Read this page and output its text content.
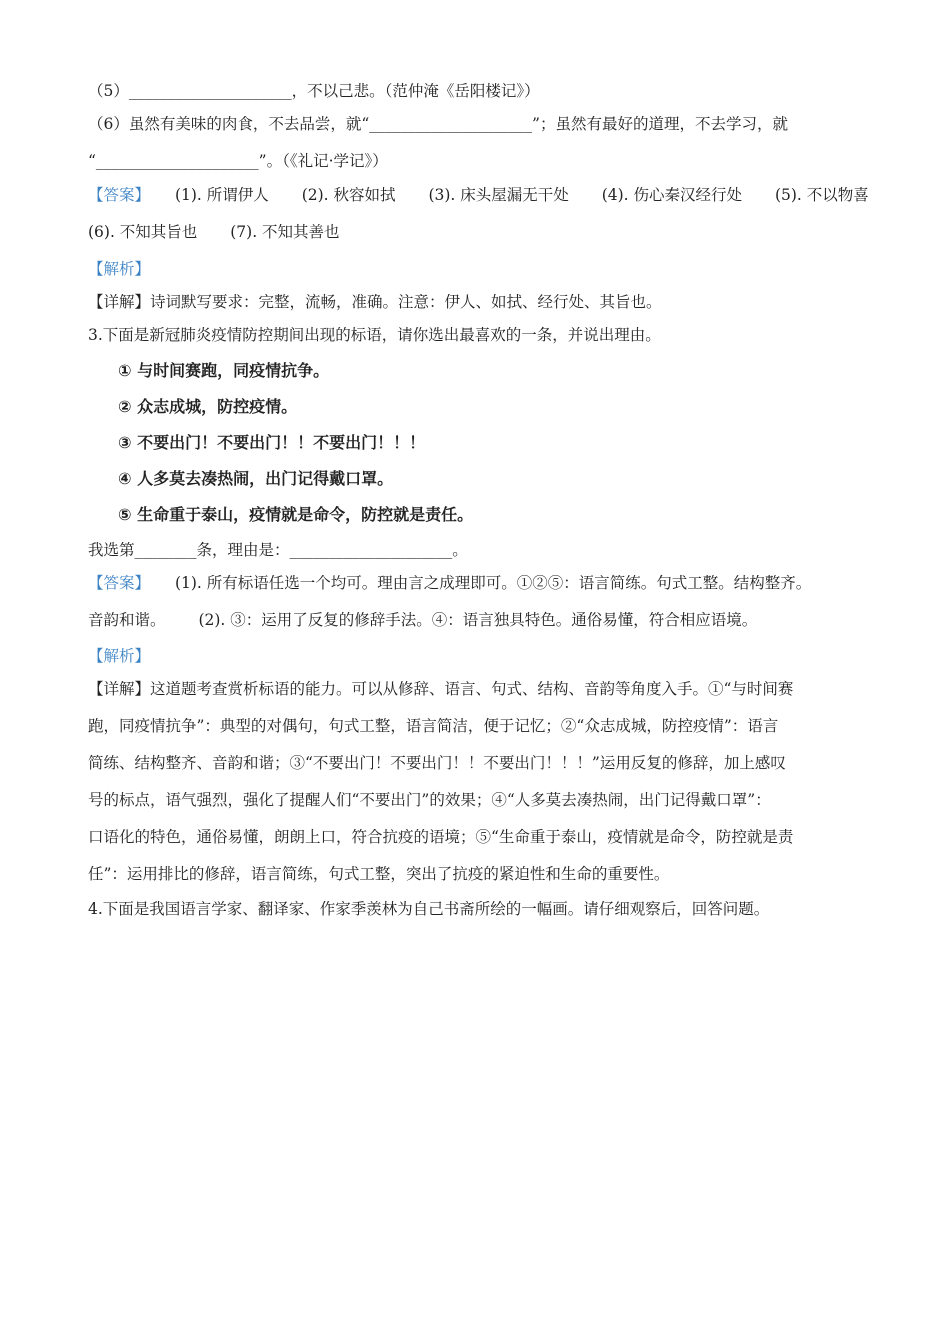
（5）_____________________，不以己悲。（范仲淹《岳阳楼记》）
（6）虽然有美味的肉食，不去品尝，就“_____________________”；虽然有最好的道理，不去学习，就
“_____________________”。（《礼记·学记》）
【答案】 (1). 所谓伊人 (2). 秋容如拭 (3). 床头屋漏无干处 (4). 伤心秦汉经行处 (5). 不以物喜
(6). 不知其旨也 (7). 不知其善也
【解析】
【详解】诗词默写要求：完整，流畅，准确。注意：伊人、如拭、经行处、其旨也。
3.下面是新冠肺炎疫情防控期间出现的标语，请你选出最喜欢的一条，并说出理由。
① 与时间赛跑，同疫情抗争。
② 众志成城，防控疫情。
③ 不要出门！不要出门！！不要出门！！！
④ 人多莫去凑热闹，出门记得戴口罩。
⑤ 生命重于泰山，疫情就是命令，防控就是责任。
我选第________条，理由是：_____________________。
【答案】 (1). 所有标语任选一个均可。理由言之成理即可。①②⑤：语言简练。句式工整。结构整齐。
音韵和谐。 (2). ③：运用了反复的修辞手法。④：语言独具特色。通俗易懂，符合相应语境。
【解析】
【详解】这道题考查赏析标语的能力。可以从修辞、语言、句式、结构、音韵等角度入手。①“与时间赛
跑，同疫情抗争”：典型的对偶句，句式工整，语言简洁，便于记忆；②“众志成城，防控疫情”：语言
简练、结构整齐、音韵和谐；③“不要出门！不要出门！！不要出门！！！”运用反复的修辞，加上感叹
号的标点，语气强烈，强化了提醒人们“不要出门”的效果；④“人多莫去凑热闹，出门记得戴口罩”：
口语化的特色，通俗易懂，朗朗上口，符合抗疫的语境；⑤“生命重于泰山，疫情就是命令，防控就是责
任”：运用排比的修辞，语言简练，句式工整，突出了抗疫的紧迫性和生命的重要性。
4.下面是我国语言学家、翻译家、作家季羡林为自己书斋所绘的一幅画。请仔细观察后，回答问题。
